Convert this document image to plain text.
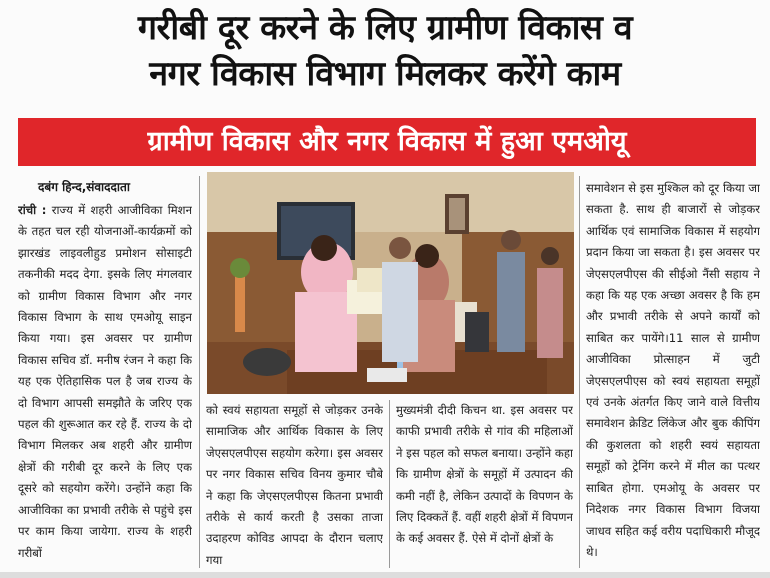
गरीबी दूर करने के लिए ग्रामीण विकास व
नगर विकास विभाग मिलकर करेंगे काम
ग्रामीण विकास और नगर विकास में हुआ एमओयू
दबंग हिन्द,संवाददाता

रांची : राज्य में शहरी आजीविका मिशन के तहत चल रही योजनाओं-कार्यक्रमों को झारखंड लाइवलीहुड प्रमोशन सोसाइटी तकनीकी मदद देगा. इसके लिए मंगलवार को ग्रामीण विकास विभाग और नगर विकास विभाग के साथ एमओयू साइन किया गया। इस अवसर पर ग्रामीण विकास सचिव डॉ. मनीष रंजन ने कहा कि यह एक ऐतिहासिक पल है जब राज्य के दो विभाग आपसी समझौते के जरिए एक पहल की शुरूआत कर रहे हैं. राज्य के दो विभाग मिलकर अब शहरी और ग्रामीण क्षेत्रों की गरीबी दूर करने के लिए एक दूसरे को सहयोग करेंगे। उन्होंने कहा कि आजीविका का प्रभावी तरीके से पहुंचे इस पर काम किया जायेगा. राज्य के शहरी गरीबों

को स्वयं सहायता समूहों से जोड़कर उनके सामाजिक और आर्थिक विकास के लिए जेएसएलपीएस सहयोग करेगा। इस अवसर पर नगर विकास सचिव विनय कुमार चौबे ने कहा कि जेएसएलपीएस कितना प्रभावी तरीके से कार्य करती है उसका ताजा उदाहरण कोविड आपदा के दौरान चलाए गया

मुख्यमंत्री दीदी किचन था. इस अवसर पर काफी प्रभावी तरीके से गांव की महिलाओं ने इस पहल को सफल बनाया। उन्होंने कहा कि ग्रामीण क्षेत्रों के समूहों में उत्पादन की कमी नहीं है, लेकिन उत्पादों के विपणन के लिए दिक्कतें हैं. वहीं शहरी क्षेत्रों में विपणन के कई अवसर हैं. ऐसे में दोनों क्षेत्रों के

समावेशन से इस मुश्किल को दूर किया जा सकता है. साथ ही बाजारों से जोड़कर आर्थिक एवं सामाजिक विकास में सहयोग प्रदान किया जा सकता है। इस अवसर पर जेएसएलपीएस की सीईओ नैंसी सहाय ने कहा कि यह एक अच्छा अवसर है कि हम और प्रभावी तरीके से अपने कार्यों को साबित कर पायेंगे।11 साल से ग्रामीण आजीविका प्रोत्साहन में जुटी जेएसएलपीएस को स्वयं सहायता समूहों एवं उनके अंतर्गत किए जाने वाले वित्तीय समावेशन क्रेडिट लिंकेज और बुक कीपिंग की कुशलता को शहरी स्वयं सहायता समूहों को ट्रेनिंग करने में मील का पत्थर साबित होगा. एमओयू के अवसर पर निदेशक नगर विकास विभाग विजया जाधव सहित कई वरीय पदाधिकारी मौजूद थे।
